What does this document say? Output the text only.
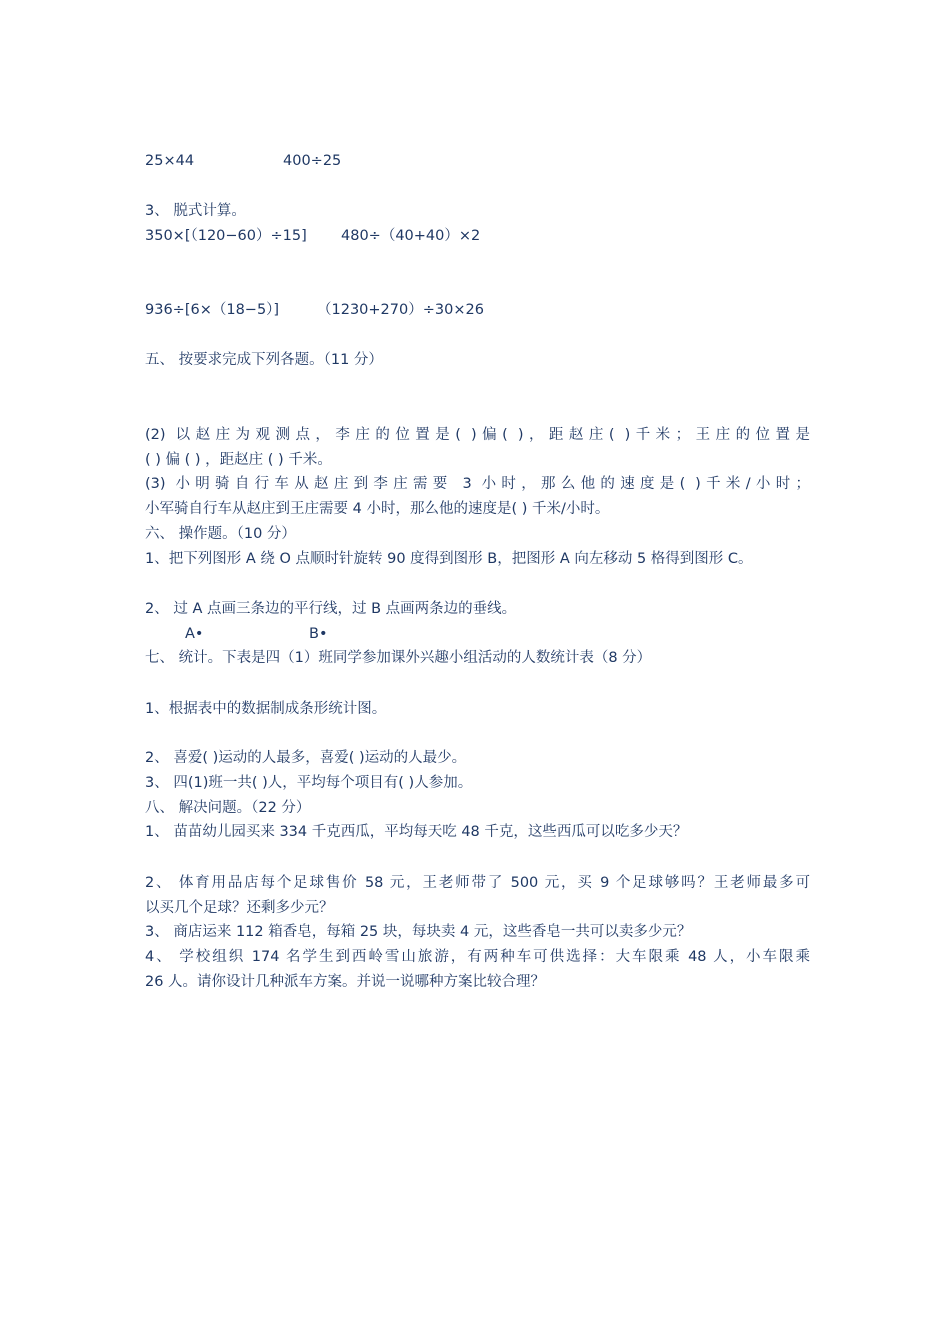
25×44	400÷25
3、 脱式计算。
350×[（120−60）÷15] 480÷（40+40）×2
936÷[6×（18−5）]	（1230+270）÷30×26
五、 按要求完成下列各题。（11 分）
(2) 以赵庄为观测点，李庄的位置是( )偏( )，距赵庄( )千米；王庄的位置是
( ) 偏 ( ) ，距赵庄 ( ) 千米。
(3) 小明骑自行车从赵庄到李庄需要 3 小时，那么他的速度是( )千米/小时；
小军骑自行车从赵庄到王庄需要 4 小时，那么他的速度是( ) 千米/小时。
六、 操作题。（10 分）
1、把下列图形 A 绕 O 点顺时针旋转 90 度得到图形 B，把图形 A 向左移动 5 格得到图形 C。
2、 过 A 点画三条边的平行线，过 B 点画两条边的垂线。
A•	B•
七、 统计。下表是四（1）班同学参加课外兴趣小组活动的人数统计表（8 分）
1、根据表中的数据制成条形统计图。
2、 喜爱( )运动的人最多，喜爱( )运动的人最少。
3、 四(1)班一共( )人，平均每个项目有( )人参加。
八、 解决问题。（22 分）
1、 苗苗幼儿园买来 334 千克西瓜，平均每天吃 48 千克，这些西瓜可以吃多少天？
2、 体育用品店每个足球售价 58 元，王老师带了 500 元，买 9 个足球够吗？王老师最多可
以买几个足球？还剩多少元？
3、 商店运来 112 箱香皂，每箱 25 块，每块卖 4 元，这些香皂一共可以卖多少元？
4、 学校组织 174 名学生到西岭雪山旅游，有两种车可供选择：大车限乘 48 人，小车限乘
26 人。请你设计几种派车方案。并说一说哪种方案比较合理？
